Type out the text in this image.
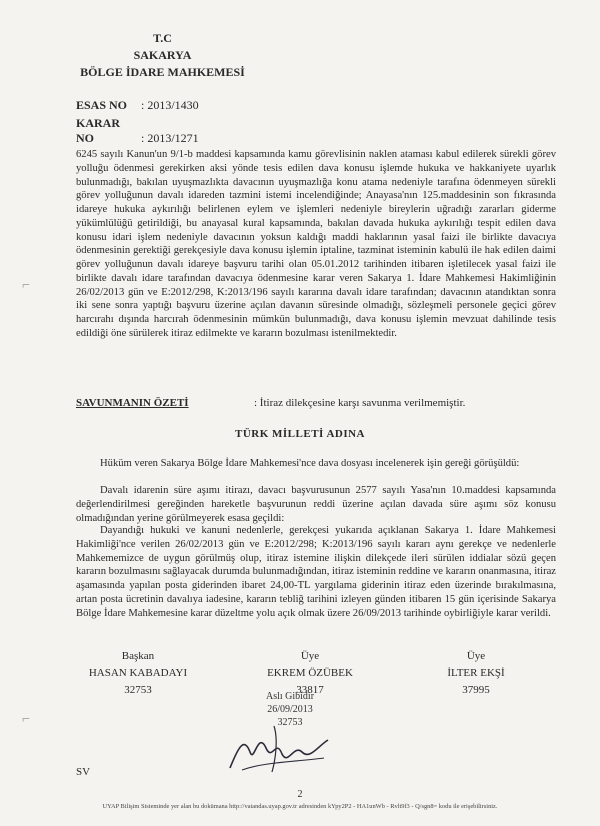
T.C
SAKARYA
BÖLGE İDARE MAHKEMESİ
ESAS NO : 2013/1430
KARAR NO	: 2013/1271

6245 sayılı Kanun'un 9/1-b maddesi kapsamında kamu görevlisinin naklen ataması kabul edilerek sürekli görev yolluğu ödenmesi gerekirken aksi yönde tesis edilen dava konusu işlemde hukuka ve hakkaniyete uyarlık bulunmadığı, bakılan uyuşmazlıkta davacının uyuşmazlığa konu atama nedeniyle tarafına ödenmeyen sürekli görev yolluğunun davalı idareden tazmini istemi incelendiğinde; Anayasa'nın 125.maddesinin son fıkrasında idareye hukuka aykırılığı belirlenen eylem ve işlemleri nedeniyle bireylerin uğradığı zararları giderme yükümlülüğü getirildiği, bu anayasal kural kapsamında, bakılan davada hukuka aykırılığı tespit edilen dava konusu idari işlem nedeniyle davacının yoksun kaldığı maddi haklarının yasal faizi ile birlikte davacıya ödenmesinin gerektiği gerekçesiyle dava konusu işlemin iptaline, tazminat isteminin kabulü ile hak edilen daimi görev yolluğunun davalı idareye başvuru tarihi olan 05.01.2012 tarihinden itibaren işletilecek yasal faizi ile birlikte davalı idare tarafından davacıya ödenmesine karar veren Sakarya 1. İdare Mahkemesi Hakimliğinin 26/02/2013 gün ve E:2012/298, K:2013/196 sayılı kararına davalı idare tarafından; davacının atandıktan sonra iki sene sonra yaptığı başvuru üzerine açılan davanın süresinde olmadığı, sözleşmeli personele geçici görev harcırahı dışında harcırah ödenmesinin mümkün bulunmadığı, dava konusu işlemin mevzuat dahilinde tesis edildiği öne sürülerek itiraz edilmekte ve kararın bozulması istenilmektedir.

⌐
SAVUNMANIN ÖZETİ	: İtiraz dilekçesine karşı savunma verilmemiştir.
TÜRK MİLLETİ ADINA

Hüküm veren Sakarya Bölge İdare Mahkemesi'nce dava dosyası incelenerek işin gereği görüşüldü:

Davalı idarenin süre aşımı itirazı, davacı başvurusunun 2577 sayılı Yasa'nın 10.maddesi kapsamında değerlendirilmesi gereğinden hareketle başvurunun reddi üzerine açılan davada süre aşımı söz konusu olmadığından yerine görülmeyerek esasa geçildi:

Dayandığı hukuki ve kanuni nedenlerle, gerekçesi yukarıda açıklanan Sakarya 1. İdare Mahkemesi Hakimliği'nce verilen 26/02/2013 gün ve E:2012/298; K:2013/196 sayılı kararı aynı gerekçe ve nedenlerle Mahkememizce de uygun görülmüş olup, itiraz istemine ilişkin dilekçede ileri sürülen iddialar sözü geçen kararın bozulmasını sağlayacak durumda bulunmadığından, itiraz isteminin reddine ve kararın onanmasına, itiraz aşamasında yapılan posta giderinden ibaret 24,00-TL yargılama giderinin itiraz eden üzerinde bırakılmasına, artan posta ücretinin davalıya iadesine, kararın tebliğ tarihini izleyen günden itibaren 15 gün içerisinde Sakarya Bölge İdare Mahkemesine karar düzeltme yolu açık olmak üzere 26/09/2013 tarihinde oybirliğiyle karar verildi.

Başkan
HASAN KABADAYI
32753
Üye
EKREM ÖZÜBEK
33817
Üye
İLTER EKŞİ
37995
Aslı Gibidir
26/09/2013
32753
⌐
SV
2
UYAP Bilişim Sisteminde yer alan bu dokümana http://vatandas.uyap.gov.tr adresinden kYpy2P2 - HA1unWb - Rvlt9f3 - Q/sgn8= kodu ile erişebilirsiniz.
